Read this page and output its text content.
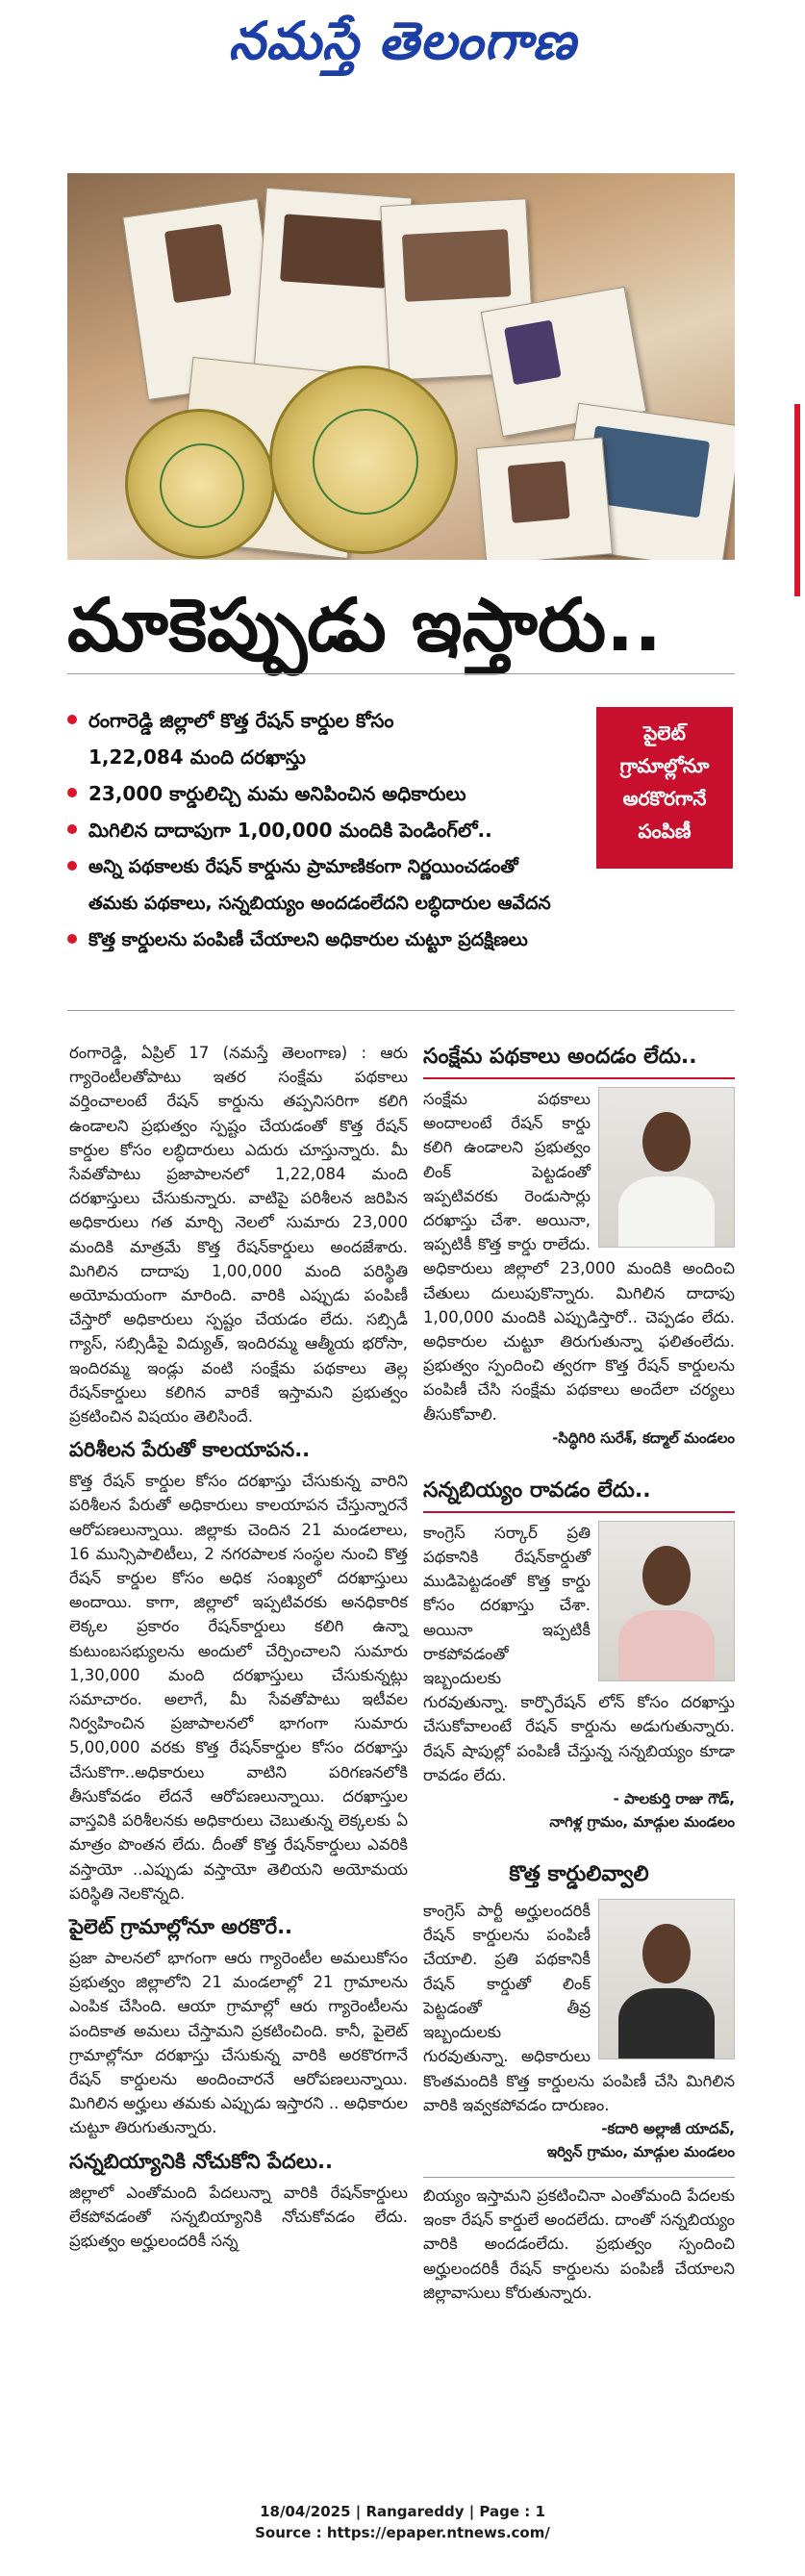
నమస్తే తెలంగాణ
మాకెప్పుడు ఇస్తారు..
రంగారెడ్డి జిల్లాలో కొత్త రేషన్ కార్డుల కోసం
1,22,084 మంది దరఖాస్తు
23,000 కార్డులిచ్చి మమ అనిపించిన అధికారులు
మిగిలిన దాదాపుగా 1,00,000 మందికి పెండింగ్‌లో..
అన్ని పథకాలకు రేషన్ కార్డును ప్రామాణికంగా నిర్ణయించడంతో
తమకు పథకాలు, సన్నబియ్యం అందడంలేదని లబ్ధిదారుల ఆవేదన
కొత్త కార్డులను పంపిణీ చేయాలని అధికారుల చుట్టూ ప్రదక్షిణలు
పైలెట్
గ్రామాల్లోనూ
అరకొరగానే
పంపిణీ

రంగారెడ్డి, ఏప్రిల్ 17 (నమస్తే తెలంగాణ) : ఆరు గ్యారెంటీలతోపాటు ఇతర సంక్షేమ పథకాలు వర్తించాలంటే రేషన్ కార్డును తప్పనిసరిగా కలిగి ఉండాలని ప్రభుత్వం స్పష్టం చేయడంతో కొత్త రేషన్ కార్డుల కోసం లబ్ధిదారులు ఎదురు చూస్తున్నారు. మీ సేవతోపాటు ప్రజాపాలనలో 1,22,084 మంది దరఖాస్తులు చేసుకున్నారు. వాటిపై పరిశీలన జరిపిన అధికారులు గత మార్చి నెలలో సుమారు 23,000 మందికి మాత్రమే కొత్త రేషన్‌కార్డులు అందజేశారు. మిగిలిన దాదాపు 1,00,000 మంది పరిస్థితి అయోమయంగా మారింది. వారికి ఎప్పుడు పంపిణీ చేస్తారో అధికారులు స్పష్టం చేయడం లేదు. సబ్సిడీ గ్యాస్, సబ్సిడీపై విద్యుత్, ఇందిరమ్మ ఆత్మీయ భరోసా, ఇందిరమ్మ ఇండ్లు వంటి సంక్షేమ పథకాలు తెల్ల రేషన్‌కార్డులు కలిగిన వారికే ఇస్తామని ప్రభుత్వం ప్రకటించిన విషయం తెలిసిందే.

పరిశీలన పేరుతో కాలయాపన..

కొత్త రేషన్ కార్డుల కోసం దరఖాస్తు చేసుకున్న వారిని పరిశీలన పేరుతో అధికారులు కాలయాపన చేస్తున్నారనే ఆరోపణలున్నాయి. జిల్లాకు చెందిన 21 మండలాలు, 16 మున్సిపాలిటీలు, 2 నగరపాలక సంస్థల నుంచి కొత్త రేషన్ కార్డుల కోసం అధిక సంఖ్యలో దరఖాస్తులు అందాయి. కాగా, జిల్లాలో ఇప్పటివరకు అనధికారిక లెక్కల ప్రకారం రేషన్‌కార్డులు కలిగి ఉన్నా కుటుంబసభ్యులను అందులో చేర్పించాలని సుమారు 1,30,000 మంది దరఖాస్తులు చేసుకున్నట్లు సమాచారం. అలాగే, మీ సేవతోపాటు ఇటీవల నిర్వహించిన ప్రజాపాలనలో భాగంగా సుమారు 5,00,000 వరకు కొత్త రేషన్‌కార్డుల కోసం దరఖాస్తు చేసుకొగా..అధికారులు వాటిని పరిగణనలోకి తీసుకోవడం లేదనే ఆరోపణలున్నాయి. దరఖాస్తుల వాస్తవికి పరిశీలనకు అధికారులు చెబుతున్న లెక్కలకు ఏ మాత్రం పొంతన లేదు. దీంతో కొత్త రేషన్‌కార్డులు ఎవరికి వస్తాయో ..ఎప్పుడు వస్తాయో తెలియని అయోమయ పరిస్థితి నెలకొన్నది.

పైలెట్ గ్రామాల్లోనూ అరకొరే..

ప్రజా పాలనలో భాగంగా ఆరు గ్యారెంటీల అమలుకోసం ప్రభుత్వం జిల్లాలోని 21 మండలాల్లో 21 గ్రామాలను ఎంపిక చేసింది. ఆయా గ్రామాల్లో ఆరు గ్యారెంటీలను పందికాత అమలు చేస్తామని ప్రకటించింది. కానీ, పైలెట్ గ్రామాల్లోనూ దరఖాస్తు చేసుకున్న వారికి అరకొరగానే రేషన్ కార్డులను అందించారనే ఆరోపణలున్నాయి. మిగిలిన అర్హులు తమకు ఎప్పుడు ఇస్తారని .. అధికారుల చుట్టూ తిరుగుతున్నారు.

సన్నబియ్యానికి నోచుకోని పేదలు..

జిల్లాలో ఎంతోమంది పేదలున్నా వారికి రేషన్‌కార్డులు లేకపోవడంతో సన్నబియ్యానికి నోచుకోవడం లేదు. ప్రభుత్వం అర్హులందరికీ సన్న

సంక్షేమ పథకాలు అందడం లేదు..
సంక్షేమ పథకాలు అందాలంటే రేషన్ కార్డు కలిగి ఉండాలని ప్రభుత్వం లింక్ పెట్టడంతో ఇప్పటివరకు రెండుసార్లు దరఖాస్తు చేశా. అయినా, ఇప్పటికీ కొత్త కార్డు రాలేదు. అధికారులు జిల్లాలో 23,000 మందికి అందించి చేతులు దులుపుకొన్నారు. మిగిలిన దాదాపు 1,00,000 మందికి ఎప్పుడిస్తారో.. చెప్పడం లేదు. అధికారుల చుట్టూ తిరుగుతున్నా ఫలితంలేదు. ప్రభుత్వం స్పందించి త్వరగా కొత్త రేషన్ కార్డులను పంపిణీ చేసి సంక్షేమ పథకాలు అందేలా చర్యలు తీసుకోవాలి.
-సిద్ధిగిరి సురేశ్, కద్మాల్ మండలం
సన్నబియ్యం రావడం లేదు..
కాంగ్రెస్ సర్కార్ ప్రతి పథకానికి రేషన్‌కార్డుతో ముడిపెట్టడంతో కొత్త కార్డు కోసం దరఖాస్తు చేశా. అయినా ఇప్పటికీ రాకపోవడంతో ఇబ్బందులకు గురవుతున్నా. కార్పొరేషన్ లోన్ కోసం దరఖాస్తు చేసుకోవాలంటే రేషన్ కార్డును అడుగుతున్నారు. రేషన్ షాపుల్లో పంపిణీ చేస్తున్న సన్నబియ్యం కూడా రావడం లేదు.
- పాలకుర్తి రాజు గౌడ్,
నాగిళ్ల గ్రామం, మాడ్గుల మండలం
కొత్త కార్డులివ్వాలి
కాంగ్రెస్ పార్టీ అర్హులందరికీ రేషన్ కార్డులను పంపిణీ చేయాలి. ప్రతి పథకానికీ రేషన్ కార్డుతో లింక్ పెట్టడంతో తీవ్ర ఇబ్బందులకు గురవుతున్నా. అధికారులు కొంతమందికి కొత్త కార్డులను పంపిణీ చేసి మిగిలిన వారికి ఇవ్వకపోవడం దారుణం.
-కదారి అల్లాజీ యాదవ్,
ఇర్విన్ గ్రామం, మాడ్గుల మండలం
బియ్యం ఇస్తామని ప్రకటించినా ఎంతోమంది పేదలకు ఇంకా రేషన్ కార్డులే అందలేదు. దాంతో సన్నబియ్యం వారికి అందడంలేదు. ప్రభుత్వం స్పందించి అర్హులందరికీ రేషన్ కార్డులను పంపిణీ చేయాలని జిల్లావాసులు కోరుతున్నారు.
18/04/2025 | Rangareddy | Page : 1
Source : https://epaper.ntnews.com/
